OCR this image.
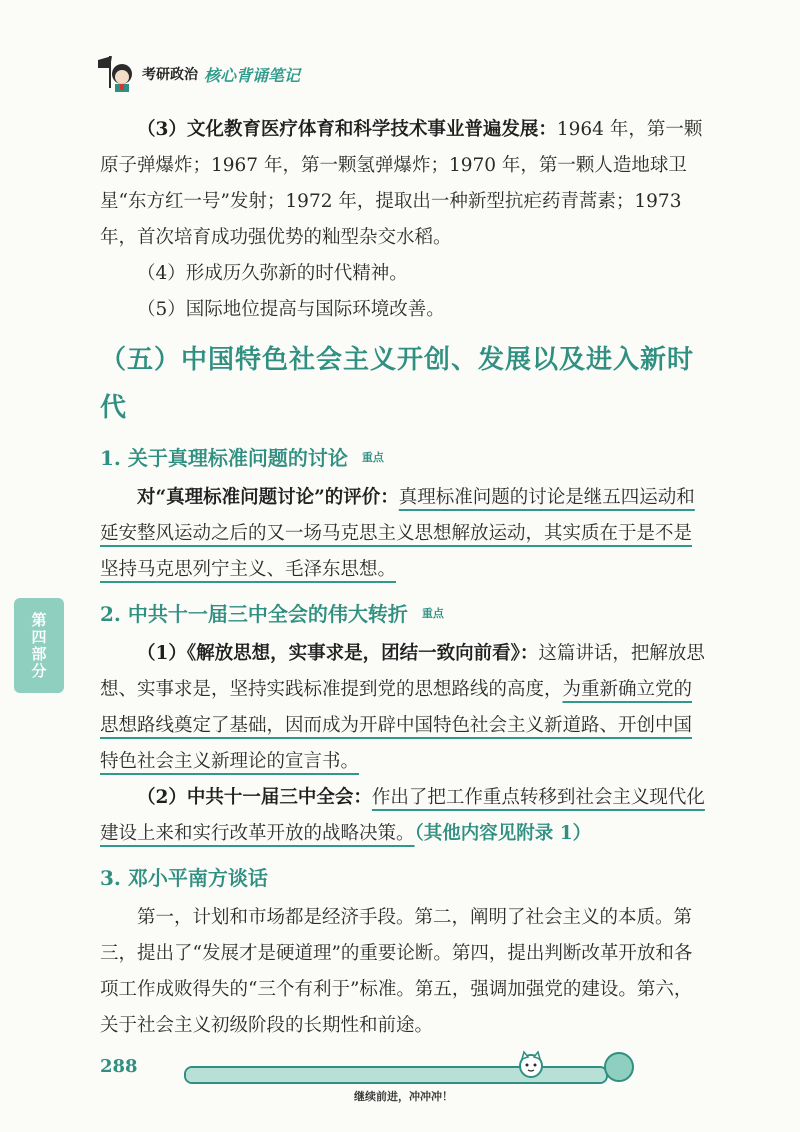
考研政治 核心背诵笔记
第四部分

（3）文化教育医疗体育和科学技术事业普遍发展：1964 年，第一颗原子弹爆炸；1967 年，第一颗氢弹爆炸；1970 年，第一颗人造地球卫星“东方红一号”发射；1972 年，提取出一种新型抗疟药青蒿素；1973 年，首次培育成功强优势的籼型杂交水稻。

（4）形成历久弥新的时代精神。

（5）国际地位提高与国际环境改善。

（五）中国特色社会主义开创、发展以及进入新时代
1. 关于真理标准问题的讨论 重点

对“真理标准问题讨论”的评价：真理标准问题的讨论是继五四运动和延安整风运动之后的又一场马克思主义思想解放运动，其实质在于是不是坚持马克思列宁主义、毛泽东思想。

2. 中共十一届三中全会的伟大转折 重点

（1）《解放思想，实事求是，团结一致向前看》：这篇讲话，把解放思想、实事求是，坚持实践标准提到党的思想路线的高度，为重新确立党的思想路线奠定了基础，因而成为开辟中国特色社会主义新道路、开创中国特色社会主义新理论的宣言书。

（2）中共十一届三中全会：作出了把工作重点转移到社会主义现代化建设上来和实行改革开放的战略决策。（其他内容见附录 1）

3. 邓小平南方谈话

第一，计划和市场都是经济手段。第二，阐明了社会主义的本质。第三，提出了“发展才是硬道理”的重要论断。第四，提出判断改革开放和各项工作成败得失的“三个有利于”标准。第五，强调加强党的建设。第六，关于社会主义初级阶段的长期性和前途。

288
继续前进，冲冲冲！
